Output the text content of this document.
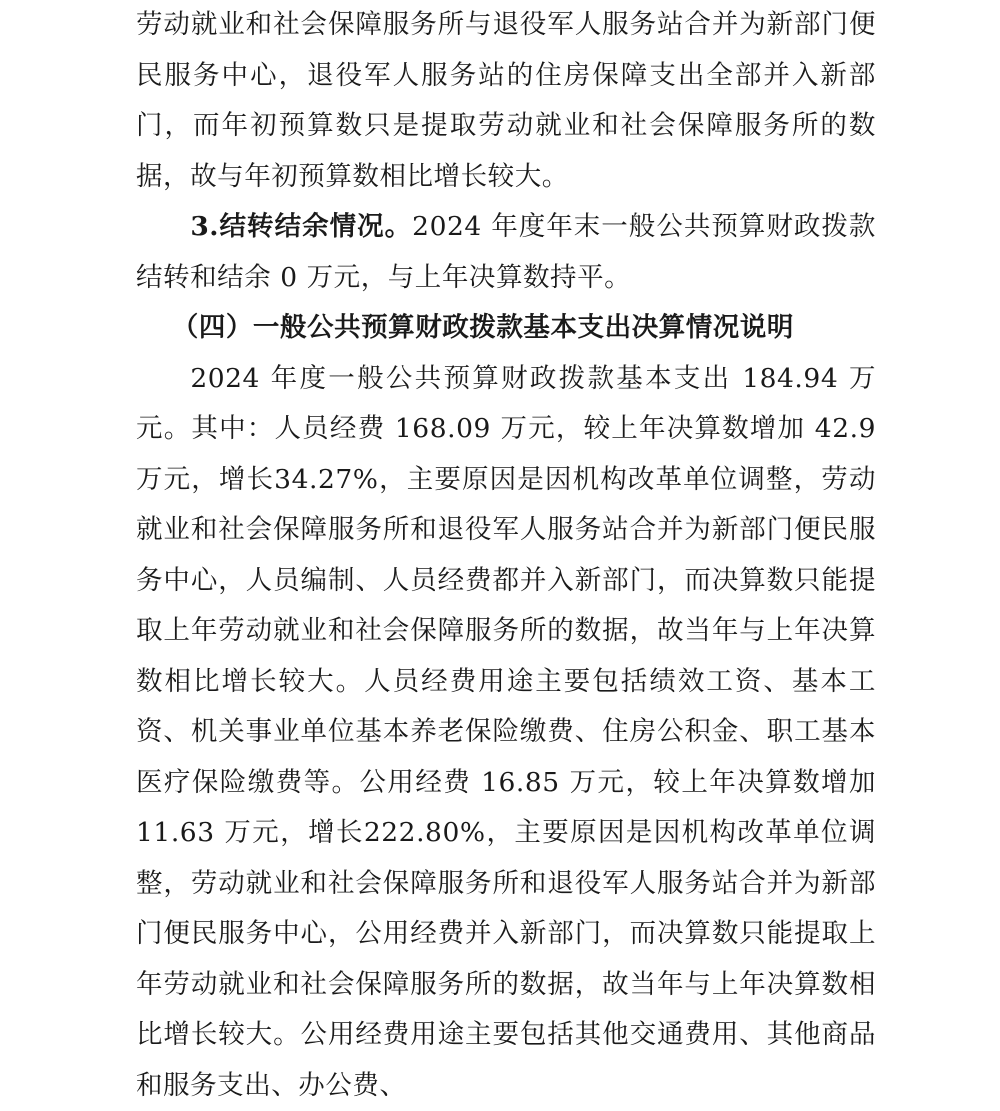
劳动就业和社会保障服务所与退役军人服务站合并为新部门便民服务中心，退役军人服务站的住房保障支出全部并入新部门，而年初预算数只是提取劳动就业和社会保障服务所的数据，故与年初预算数相比增长较大。

3.结转结余情况。2024 年度年末一般公共预算财政拨款结转和结余 0 万元，与上年决算数持平。

（四）一般公共预算财政拨款基本支出决算情况说明

2024 年度一般公共预算财政拨款基本支出 184.94 万元。其中：人员经费 168.09 万元，较上年决算数增加 42.9 万元，增长34.27%，主要原因是因机构改革单位调整，劳动就业和社会保障服务所和退役军人服务站合并为新部门便民服务中心，人员编制、人员经费都并入新部门，而决算数只能提取上年劳动就业和社会保障服务所的数据，故当年与上年决算数相比增长较大。人员经费用途主要包括绩效工资、基本工资、机关事业单位基本养老保险缴费、住房公积金、职工基本医疗保险缴费等。公用经费 16.85 万元，较上年决算数增加 11.63 万元，增长222.80%，主要原因是因机构改革单位调整，劳动就业和社会保障服务所和退役军人服务站合并为新部门便民服务中心，公用经费并入新部门，而决算数只能提取上年劳动就业和社会保障服务所的数据，故当年与上年决算数相比增长较大。公用经费用途主要包括其他交通费用、其他商品和服务支出、办公费、
